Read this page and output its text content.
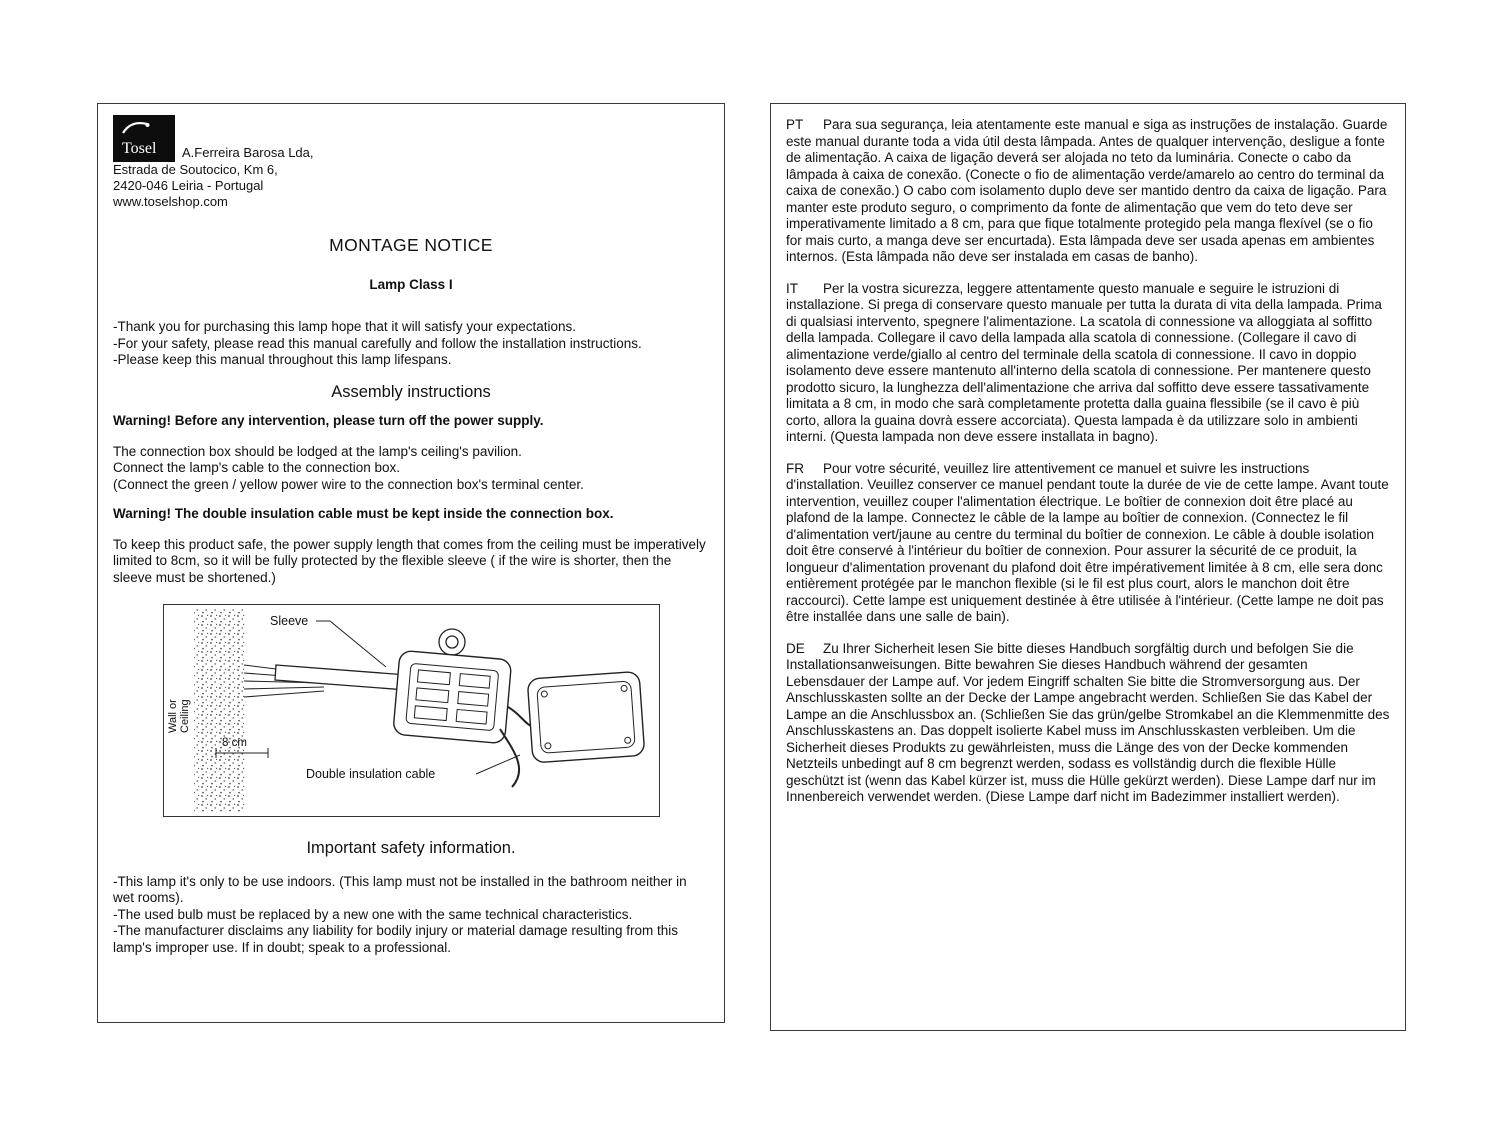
Tosel A.Ferreira Barosa Lda,
Estrada de Soutocico, Km 6,
2420-046 Leiria - Portugal
www.toselshop.com
MONTAGE NOTICE
Lamp Class I
-Thank you for purchasing this lamp hope that it will satisfy your expectations.
-For your safety, please read this manual carefully and follow the installation instructions.
-Please keep this manual throughout this lamp lifespans.
Assembly instructions
Warning! Before any intervention, please turn off the power supply.
The connection box should be lodged at the lamp's ceiling's pavilion.
Connect the lamp's cable to the connection box.
(Connect the green / yellow power wire to the connection box's terminal center.
Warning! The double insulation cable must be kept inside the connection box.
To keep this product safe, the power supply length that comes from the ceiling must be imperatively limited to 8cm, so it will be fully protected by the flexible sleeve ( if the wire is shorter, then the sleeve must be shortened.)
Wall or Ceiling
Sleeve
8 cm
Double insulation cable
Important safety information.
-This lamp it's only to be use indoors. (This lamp must not be installed in the bathroom neither in wet rooms).
-The used bulb must be replaced by a new one with the same technical characteristics.
-The manufacturer disclaims any liability for bodily injury or material damage resulting from this lamp's improper use. If in doubt; speak to a professional.

PT Para sua segurança, leia atentamente este manual e siga as instruções de instalação. Guarde este manual durante toda a vida útil desta lâmpada. Antes de qualquer intervenção, desligue a fonte de alimentação. A caixa de ligação deverá ser alojada no teto da luminária. Conecte o cabo da lâmpada à caixa de conexão. (Conecte o fio de alimentação verde/amarelo ao centro do terminal da caixa de conexão.) O cabo com isolamento duplo deve ser mantido dentro da caixa de ligação. Para manter este produto seguro, o comprimento da fonte de alimentação que vem do teto deve ser imperativamente limitado a 8 cm, para que fique totalmente protegido pela manga flexível (se o fio for mais curto, a manga deve ser encurtada). Esta lâmpada deve ser usada apenas em ambientes internos. (Esta lâmpada não deve ser instalada em casas de banho).

IT Per la vostra sicurezza, leggere attentamente questo manuale e seguire le istruzioni di installazione. Si prega di conservare questo manuale per tutta la durata di vita della lampada. Prima di qualsiasi intervento, spegnere l'alimentazione. La scatola di connessione va alloggiata al soffitto della lampada. Collegare il cavo della lampada alla scatola di connessione. (Collegare il cavo di alimentazione verde/giallo al centro del terminale della scatola di connessione. Il cavo in doppio isolamento deve essere mantenuto all'interno della scatola di connessione. Per mantenere questo prodotto sicuro, la lunghezza dell'alimentazione che arriva dal soffitto deve essere tassativamente limitata a 8 cm, in modo che sarà completamente protetta dalla guaina flessibile (se il cavo è più corto, allora la guaina dovrà essere accorciata). Questa lampada è da utilizzare solo in ambienti interni. (Questa lampada non deve essere installata in bagno).

FR Pour votre sécurité, veuillez lire attentivement ce manuel et suivre les instructions d'installation. Veuillez conserver ce manuel pendant toute la durée de vie de cette lampe. Avant toute intervention, veuillez couper l'alimentation électrique. Le boîtier de connexion doit être placé au plafond de la lampe. Connectez le câble de la lampe au boîtier de connexion. (Connectez le fil d'alimentation vert/jaune au centre du terminal du boîtier de connexion. Le câble à double isolation doit être conservé à l'intérieur du boîtier de connexion. Pour assurer la sécurité de ce produit, la longueur d'alimentation provenant du plafond doit être impérativement limitée à 8 cm, elle sera donc entièrement protégée par le manchon flexible (si le fil est plus court, alors le manchon doit être raccourci). Cette lampe est uniquement destinée à être utilisée à l'intérieur. (Cette lampe ne doit pas être installée dans une salle de bain).

DE Zu Ihrer Sicherheit lesen Sie bitte dieses Handbuch sorgfältig durch und befolgen Sie die Installationsanweisungen. Bitte bewahren Sie dieses Handbuch während der gesamten Lebensdauer der Lampe auf. Vor jedem Eingriff schalten Sie bitte die Stromversorgung aus. Der Anschlusskasten sollte an der Decke der Lampe angebracht werden. Schließen Sie das Kabel der Lampe an die Anschlussbox an. (Schließen Sie das grün/gelbe Stromkabel an die Klemmenmitte des Anschlusskastens an. Das doppelt isolierte Kabel muss im Anschlusskasten verbleiben. Um die Sicherheit dieses Produkts zu gewährleisten, muss die Länge des von der Decke kommenden Netzteils unbedingt auf 8 cm begrenzt werden, sodass es vollständig durch die flexible Hülle geschützt ist (wenn das Kabel kürzer ist, muss die Hülle gekürzt werden). Diese Lampe darf nur im Innenbereich verwendet werden. (Diese Lampe darf nicht im Badezimmer installiert werden).
